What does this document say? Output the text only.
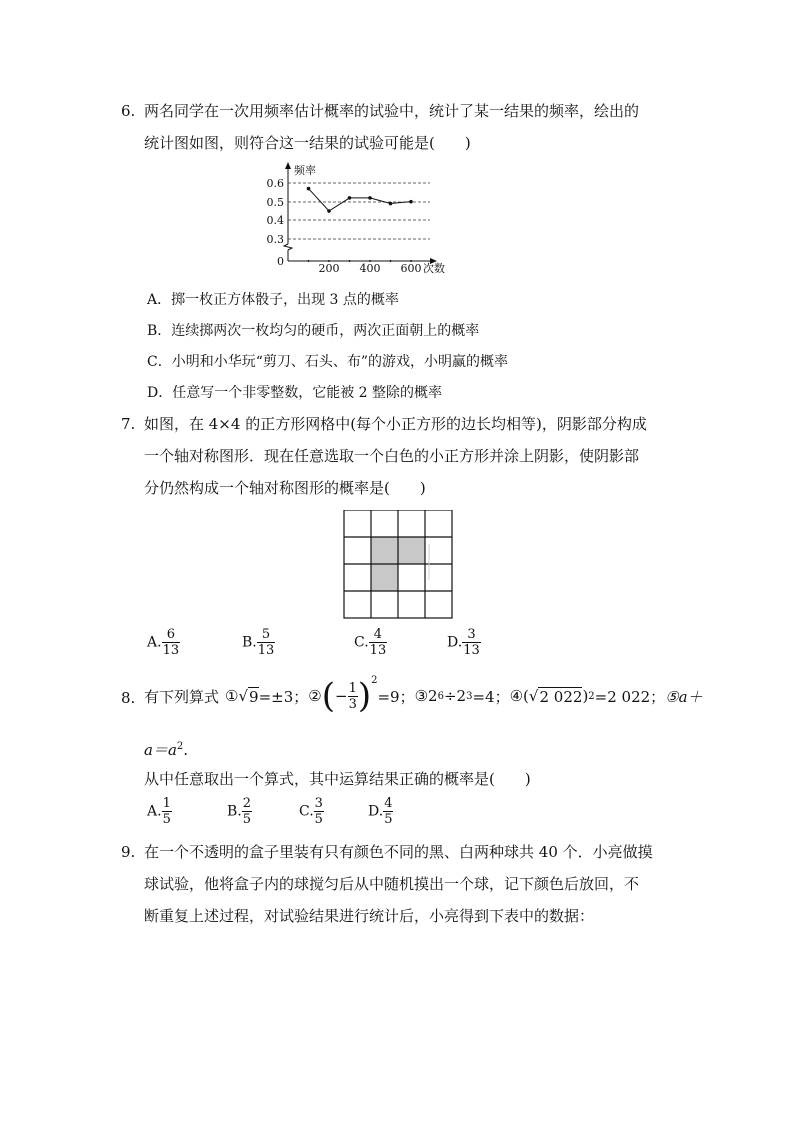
6. 两名同学在一次用频率估计概率的试验中，统计了某一结果的频率，绘出的
统计图如图，则符合这一结果的试验可能是(　　)
频率
次数
0.6
0.5
0.4
0.3
0
200 400 600
A．掷一枚正方体骰子，出现 3 点的概率
B．连续掷两次一枚均匀的硬币，两次正面朝上的概率
C．小明和小华玩“剪刀、石头、布”的游戏，小明赢的概率
D．任意写一个非零整数，它能被 2 整除的概率
7. 如图，在 4×4 的正方形网格中(每个小正方形的边长均相等)，阴影部分构成
一个轴对称图形．现在任意选取一个白色的小正方形并涂上阴影，使阴影部
分仍然构成一个轴对称图形的概率是(　　)
A. $\frac{6}{13}$	B. $\frac{5}{13}$	C. $\frac{4}{13}$	D. $\frac{3}{13}$
8. 有下列算式 ① √ 9 =±3； ② ( − $\frac{1}{3}$ ) 2
=9； ③2 6 ÷2 3 =4； ④( √ 2 022 ) 2 =2 022； ⑤a＋
$a=a^2$.
从中任意取出一个算式，其中运算结果正确的概率是(　　)
A. $\frac{1}{5}$	B. $\frac{2}{5}$	C. $\frac{3}{5}$	D. $\frac{4}{5}$
9. 在一个不透明的盒子里装有只有颜色不同的黑、白两种球共 40 个．小亮做摸
球试验，他将盒子内的球搅匀后从中随机摸出一个球，记下颜色后放回，不
断重复上述过程，对试验结果进行统计后，小亮得到下表中的数据：
